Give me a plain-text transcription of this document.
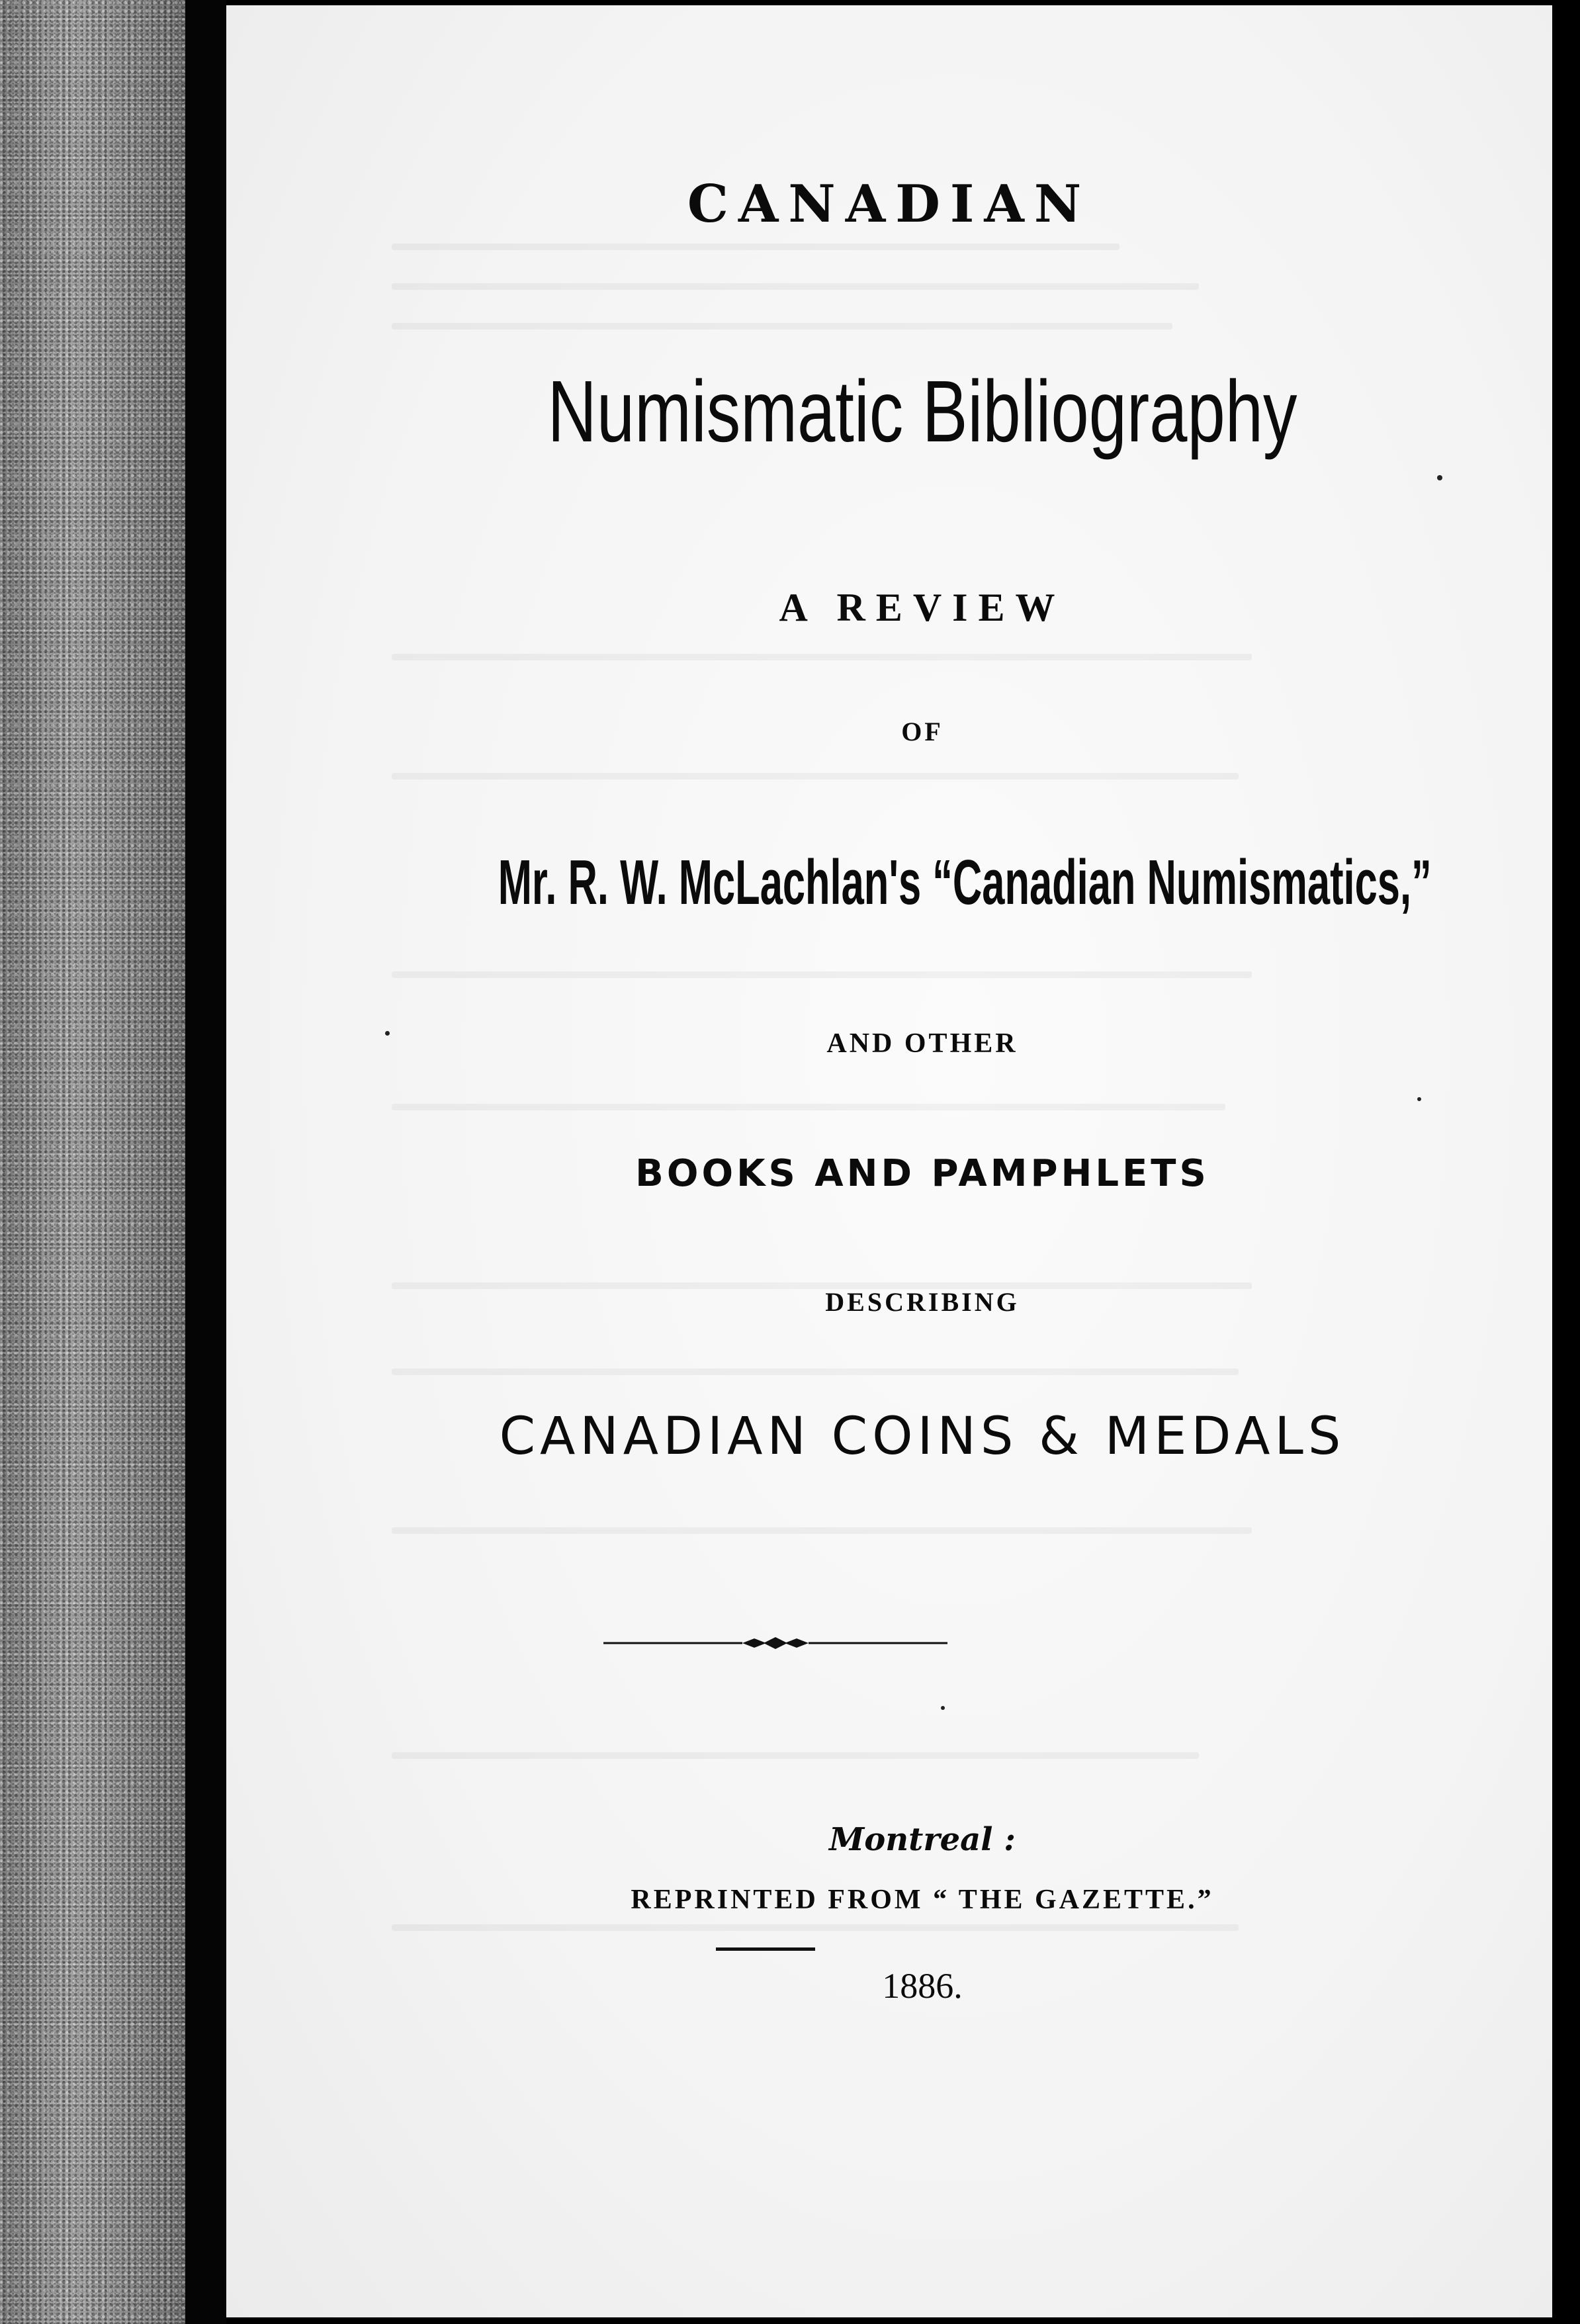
CANADIAN
Numismatic Bibliography
A REVIEW
OF
Mr. R. W. McLachlan's “Canadian Numismatics,”
AND OTHER
BOOKS AND PAMPHLETS
DESCRIBING
CANADIAN COINS & MEDALS
Montreal :
REPRINTED FROM “ THE GAZETTE.”
1886.
